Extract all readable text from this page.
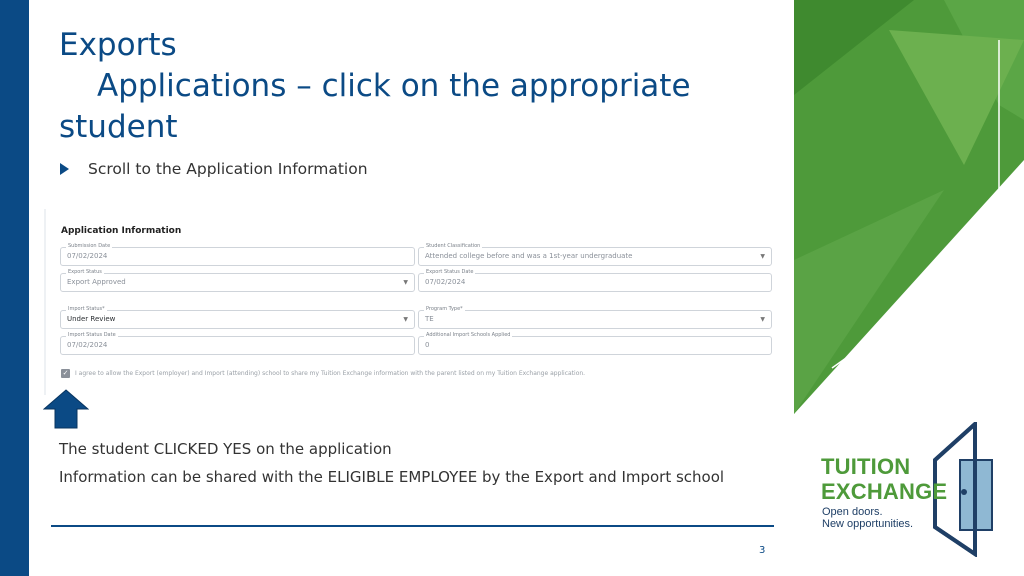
Exports
Applications – click on the appropriate
student
Scroll to the Application Information
Application Information
Submission Date
07/02/2024
Student Classification
Attended college before and was a 1st-year undergraduate	▼
Export Status
Export Approved	▼
Export Status Date
07/02/2024
Import Status*
Under Review	▼
Program Type*
TE	▼
Import Status Date
07/02/2024
Additional Import Schools Applied
0
✓ I agree to allow the Export (employer) and Import (attending) school to share my Tuition Exchange information with the parent listed on my Tuition Exchange application.
The student CLICKED YES on the application
Information can be shared with the ELIGIBLE EMPLOYEE by the Export and Import school
3
TUITION
EXCHANGE
Open doors.
New opportunities.
